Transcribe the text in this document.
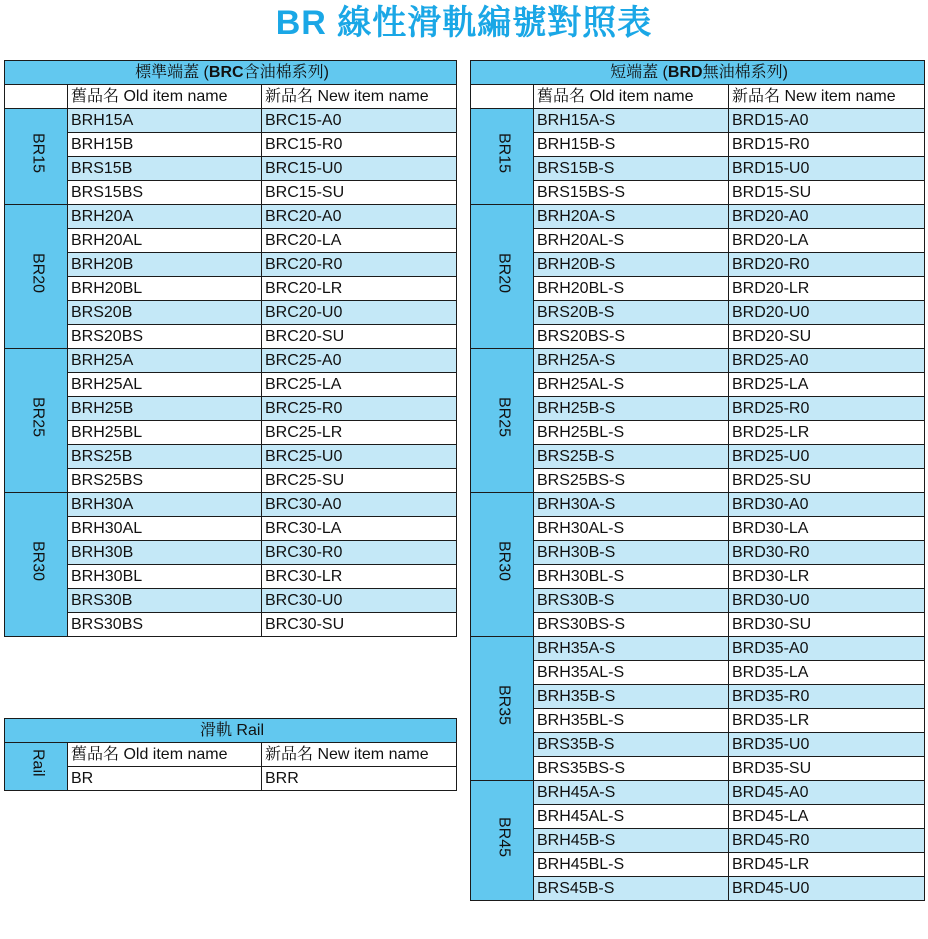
BR 線性滑軌編號對照表
標準端蓋 (BRC含油棉系列)		
	舊品名 Old item name	新品名 New item name
BR15	BRH15A	BRC15-A0
	BRH15B	BRC15-R0
	BRS15B	BRC15-U0
	BRS15BS	BRC15-SU
BR20	BRH20A	BRC20-A0
	BRH20AL	BRC20-LA
	BRH20B	BRC20-R0
	BRH20BL	BRC20-LR
	BRS20B	BRC20-U0
	BRS20BS	BRC20-SU
BR25	BRH25A	BRC25-A0
	BRH25AL	BRC25-LA
	BRH25B	BRC25-R0
	BRH25BL	BRC25-LR
	BRS25B	BRC25-U0
	BRS25BS	BRC25-SU
BR30	BRH30A	BRC30-A0
	BRH30AL	BRC30-LA
	BRH30B	BRC30-R0
	BRH30BL	BRC30-LR
	BRS30B	BRC30-U0
	BRS30BS	BRC30-SU
短端蓋 (BRD無油棉系列)		
	舊品名 Old item name	新品名 New item name
BR15	BRH15A-S	BRD15-A0
	BRH15B-S	BRD15-R0
	BRS15B-S	BRD15-U0
	BRS15BS-S	BRD15-SU
BR20	BRH20A-S	BRD20-A0
	BRH20AL-S	BRD20-LA
	BRH20B-S	BRD20-R0
	BRH20BL-S	BRD20-LR
	BRS20B-S	BRD20-U0
	BRS20BS-S	BRD20-SU
BR25	BRH25A-S	BRD25-A0
	BRH25AL-S	BRD25-LA
	BRH25B-S	BRD25-R0
	BRH25BL-S	BRD25-LR
	BRS25B-S	BRD25-U0
	BRS25BS-S	BRD25-SU
BR30	BRH30A-S	BRD30-A0
	BRH30AL-S	BRD30-LA
	BRH30B-S	BRD30-R0
	BRH30BL-S	BRD30-LR
	BRS30B-S	BRD30-U0
	BRS30BS-S	BRD30-SU
BR35	BRH35A-S	BRD35-A0
	BRH35AL-S	BRD35-LA
	BRH35B-S	BRD35-R0
	BRH35BL-S	BRD35-LR
	BRS35B-S	BRD35-U0
	BRS35BS-S	BRD35-SU
BR45	BRH45A-S	BRD45-A0
	BRH45AL-S	BRD45-LA
	BRH45B-S	BRD45-R0
	BRH45BL-S	BRD45-LR
	BRS45B-S	BRD45-U0
滑軌 Rail		
Rail	舊品名 Old item name	新品名 New item name
	BR	BRR
